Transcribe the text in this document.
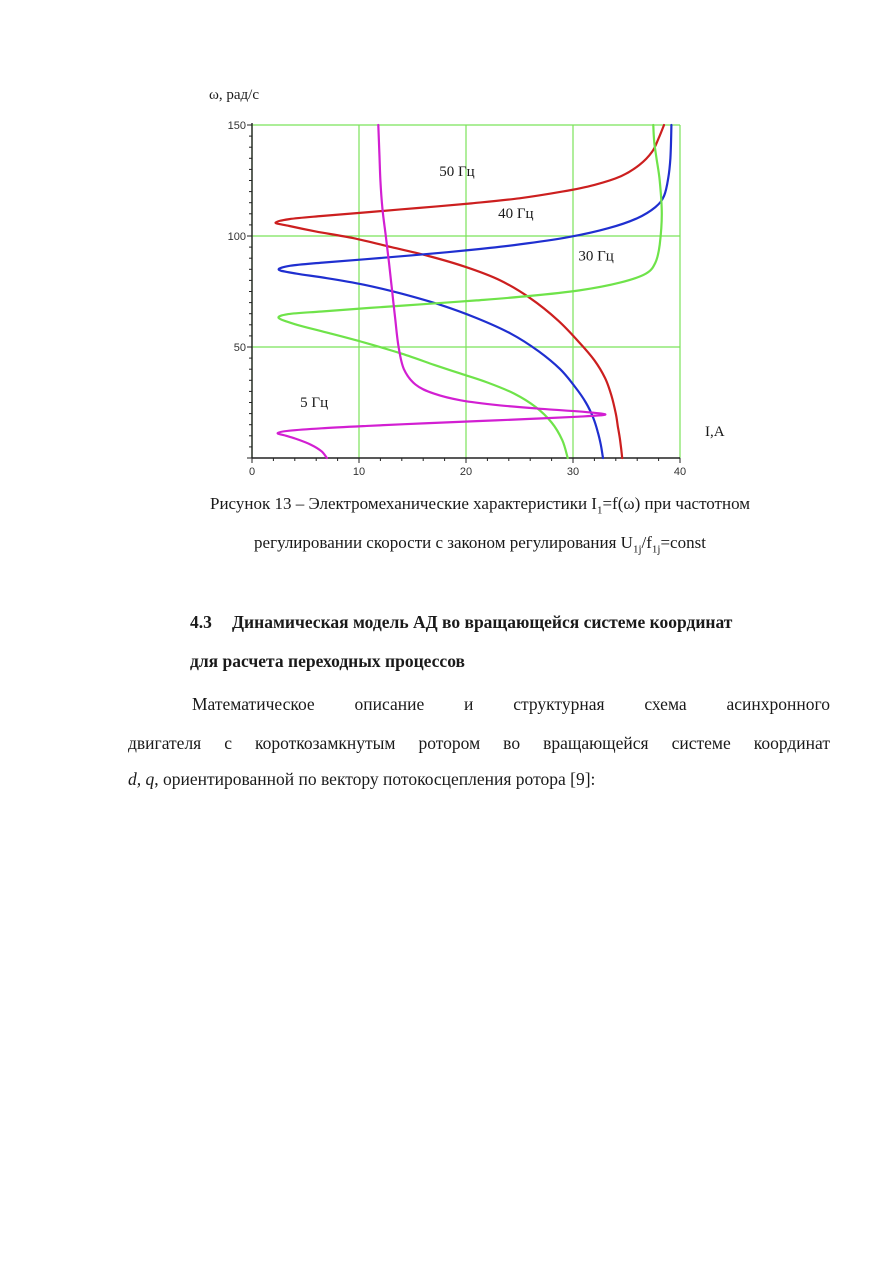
0	10	20	30	40
50
100
150
50 Гц
40 Гц
30 Гц
5 Гц
ω, рад/с
I,A
Рисунок 13 – Электромеханические характеристики $I_1=f(\omega)$ при частотном
регулировании скорости с законом регулирования $U_{1j}/f_{1j}=const$
4.3 Динамическая модель АД во вращающейся системе координат
для расчета переходных процессов
Математическое описание и структурная схема асинхронного
двигателя с короткозамкнутым ротором во вращающейся системе координат
d, q, ориентированной по вектору потокосцепления ротора [9]:
